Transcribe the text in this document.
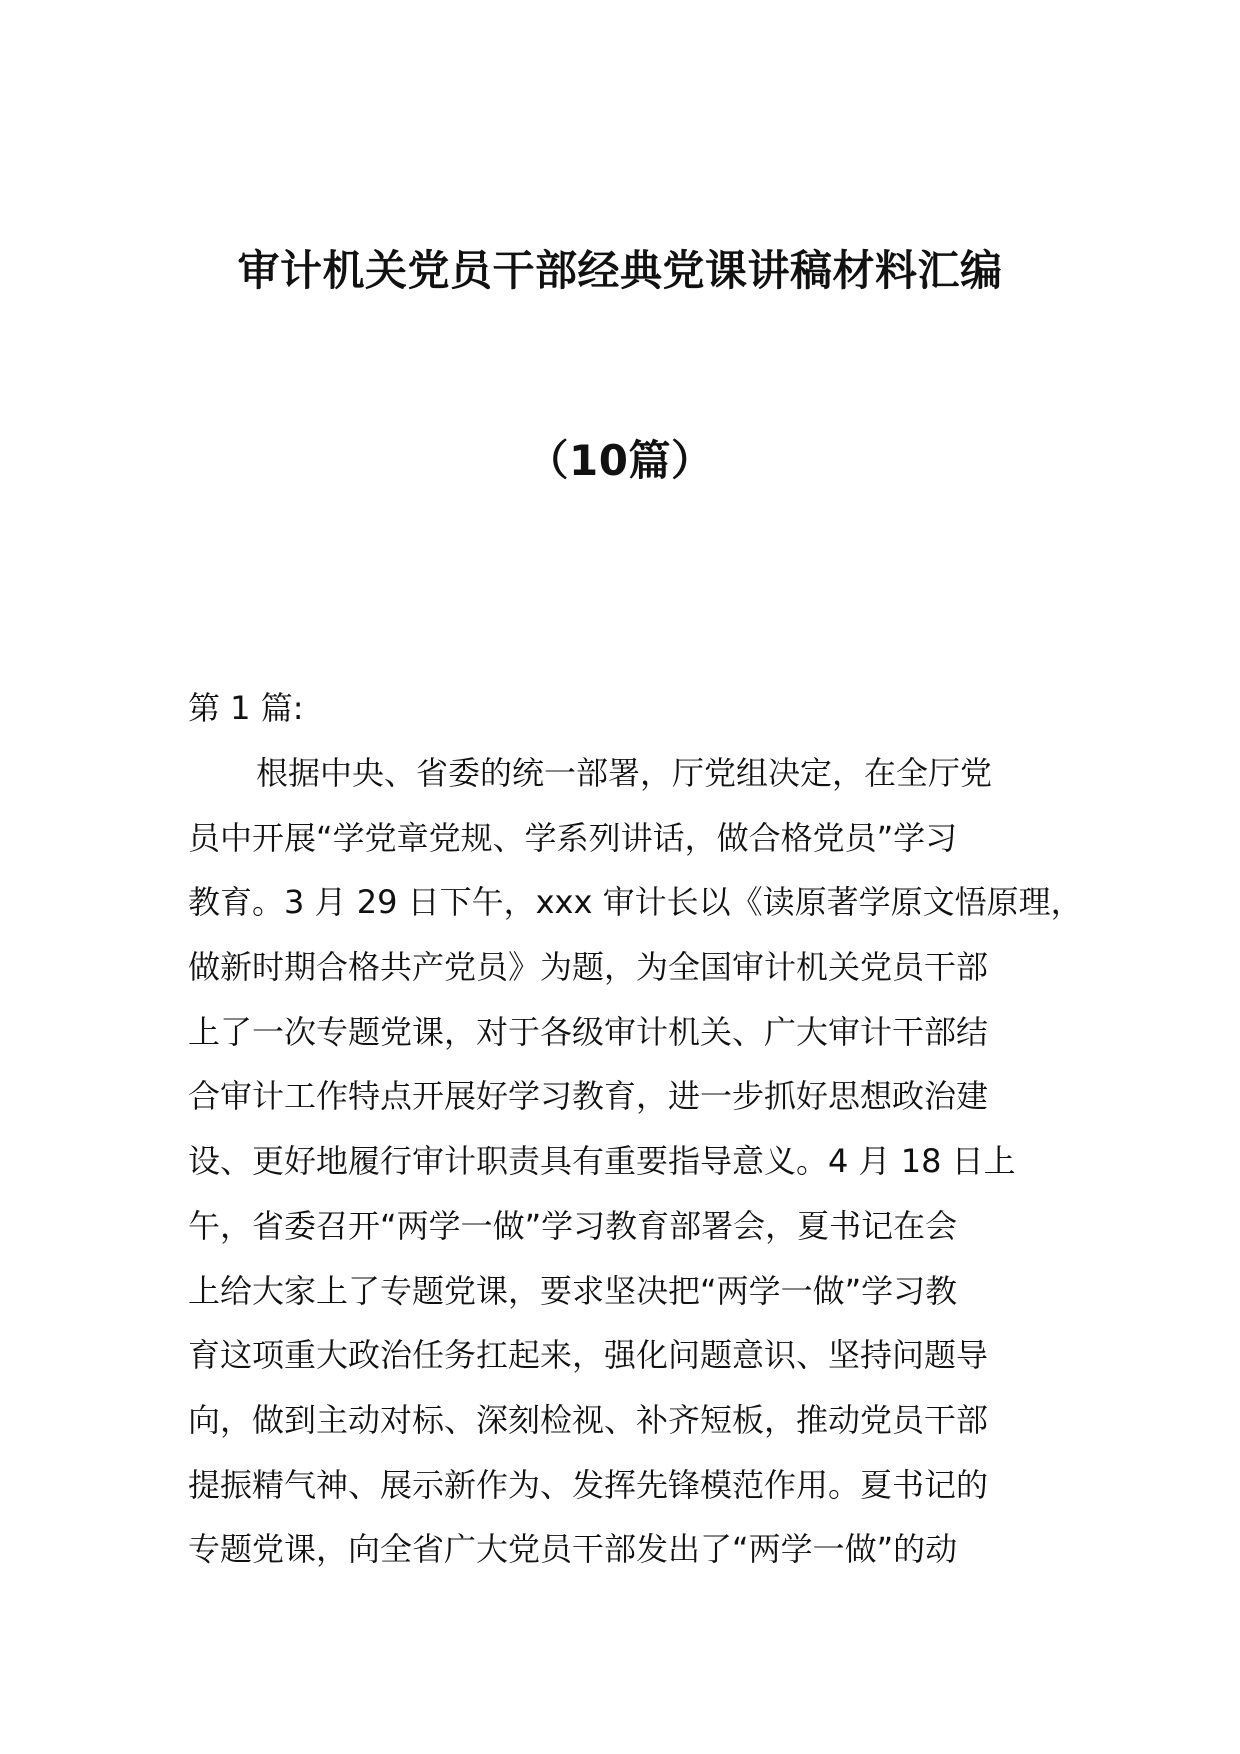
审计机关党员干部经典党课讲稿材料汇编
（10篇）
第 1 篇:
根据中央、省委的统一部署，厅党组决定，在全厅党
员中开展“学党章党规、学系列讲话，做合格党员”学习
教育。3 月 29 日下午，xxx 审计长以《读原著学原文悟原理，
做新时期合格共产党员》为题，为全国审计机关党员干部
上了一次专题党课，对于各级审计机关、广大审计干部结
合审计工作特点开展好学习教育，进一步抓好思想政治建
设、更好地履行审计职责具有重要指导意义。4 月 18 日上
午，省委召开“两学一做”学习教育部署会，夏书记在会
上给大家上了专题党课，要求坚决把“两学一做”学习教
育这项重大政治任务扛起来，强化问题意识、坚持问题导
向，做到主动对标、深刻检视、补齐短板，推动党员干部
提振精气神、展示新作为、发挥先锋模范作用。夏书记的
专题党课，向全省广大党员干部发出了“两学一做”的动
